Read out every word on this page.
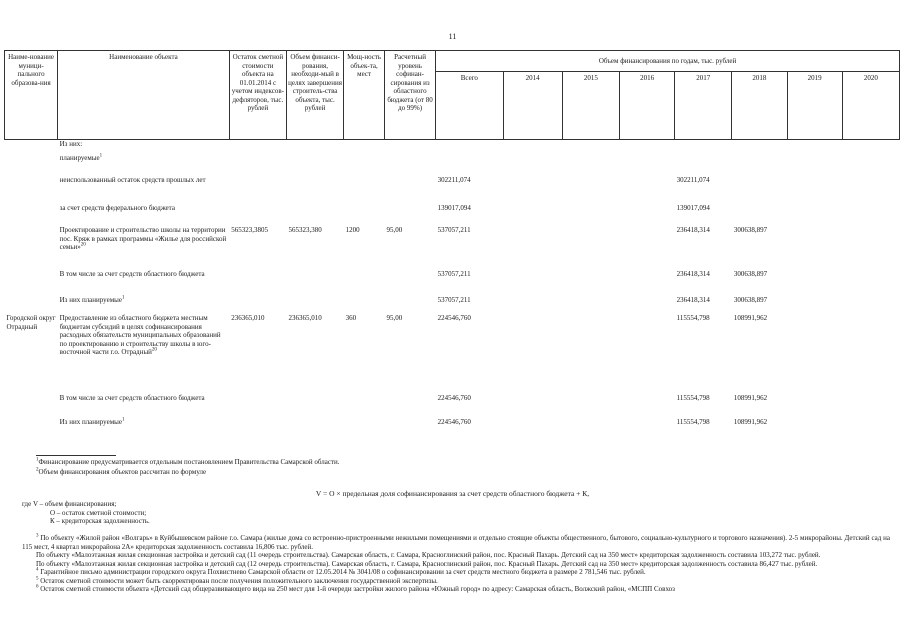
11
Наиме-нование муници-пального образова-ния	Наименование объекта	Остаток сметной стоимости объекта на 01.01.2014 с учетом индексов-дефляторов, тыс. рублей	Объем финанси-рования, необходи-мый в целях завершения строитель-ства объекта, тыс. рублей	Мощ-ность объек-та, мест	Расчетный уровень софинан-сирования из областного бюджета (от 80 до 99%)	Объем финансирования по годам, тыс. рублей							
						Всего	2014	2015	2016	2017	2018	2019	2020
	Из них:												
	планируемые$^1$												
	неиспользованный остаток средств прошлых лет					302211,074				302211,074			
	за счет средств федерального бюджета					139017,094				139017,094			
	Проектирование и строительство школы на территории пос. Кряж в рамках программы «Жилье для российской семьи»$^{20}$	565323,3805	565323,380	1200	95,00	537057,211				236418,314	300638,897		
	В том числе за счет средств областного бюджета					537057,211				236418,314	300638,897		
	Из них планируемые$^1$					537057,211				236418,314	300638,897		
Городской округ Отрадный	Предоставление из областного бюджета местным бюджетам субсидий в целях софинансирования расходных обязательств муниципальных образований по проектированию и строительству школы в юго-восточной части г.о. Отрадный$^{20}$	236365,010	236365,010	360	95,00	224546,760				115554,798	108991,962		
	В том числе за счет средств областного бюджета					224546,760				115554,798	108991,962		
	Из них планируемые$^1$					224546,760				115554,798	108991,962		
$^1$Финансирование предусматривается отдельным постановлением Правительства Самарской области.
$^2$Объем финансирования объектов рассчитан по формуле
V = О × предельная доля софинансирования за счет средств областного бюджета + К,
где V – объем финансирования;
О – остаток сметной стоимости;
К – кредиторская задолженность.

$^3$ По объекту «Жилой район «Волгарь» в Куйбышевском районе г.о. Самара (жилые дома со встроенно-пристроенными нежилыми помещениями и отдельно стоящие объекты общественного, бытового, социально-культурного и торгового назначения). 2-5 микрорайоны. Детский сад на 115 мест, 4 квартал микрорайона 2А» кредиторская задолженность составила 16,806 тыс. рублей.

По объекту «Малоэтажная жилая секционная застройка и детский сад (11 очередь строительства). Самарская область, г. Самара, Красноглинский район, пос. Красный Пахарь. Детский сад на 350 мест» кредиторская задолженность составила 103,272 тыс. рублей.

По объекту «Малоэтажная жилая секционная застройка и детский сад (12 очередь строительства). Самарская область, г. Самара, Красноглинский район, пос. Красный Пахарь. Детский сад на 350 мест» кредиторская задолженность составила 86,427 тыс. рублей.

$^4$ Гарантийное письмо администрации городского округа Похвистнево Самарской области от 12.05.2014 № 3041/08 о софинансировании за счет средств местного бюджета в размере 2 781,546 тыс. рублей.

$^5$ Остаток сметной стоимости может быть скорректирован после получения положительного заключения государственной экспертизы.

$^6$ Остаток сметной стоимости объекта «Детский сад общеразвивающего вида на 250 мест для 1-й очереди застройки жилого района «Южный город» по адресу: Самарская область, Волжский район, «МСПП Совхоз
